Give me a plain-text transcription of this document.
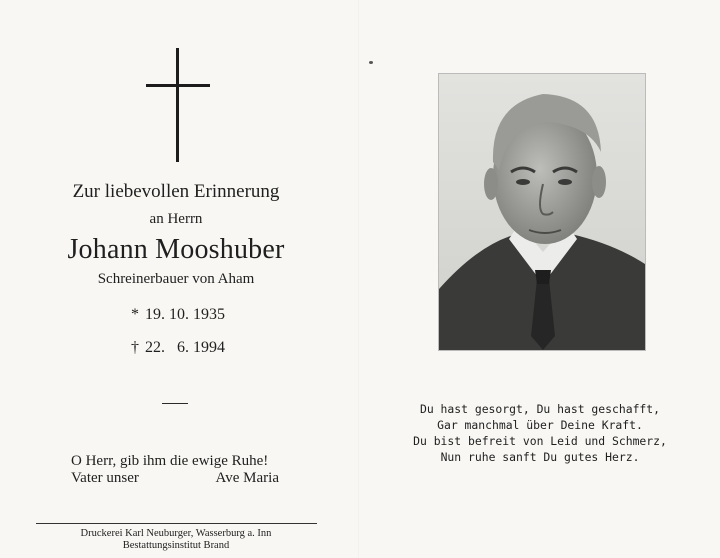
Zur liebevollen Erinnerung
an Herrn
Johann Mooshuber
Schreinerbauer von Aham
* 19. 10. 1935
† 22.   6. 1994
O Herr, gib ihm die ewige Ruhe!
Vater unser	Ave Maria
Druckerei Karl Neuburger, Wasserburg a. Inn
Bestattungsinstitut Brand
Du hast gesorgt, Du hast geschafft,
Gar manchmal über Deine Kraft.
Du bist befreit von Leid und Schmerz,
Nun ruhe sanft Du gutes Herz.
